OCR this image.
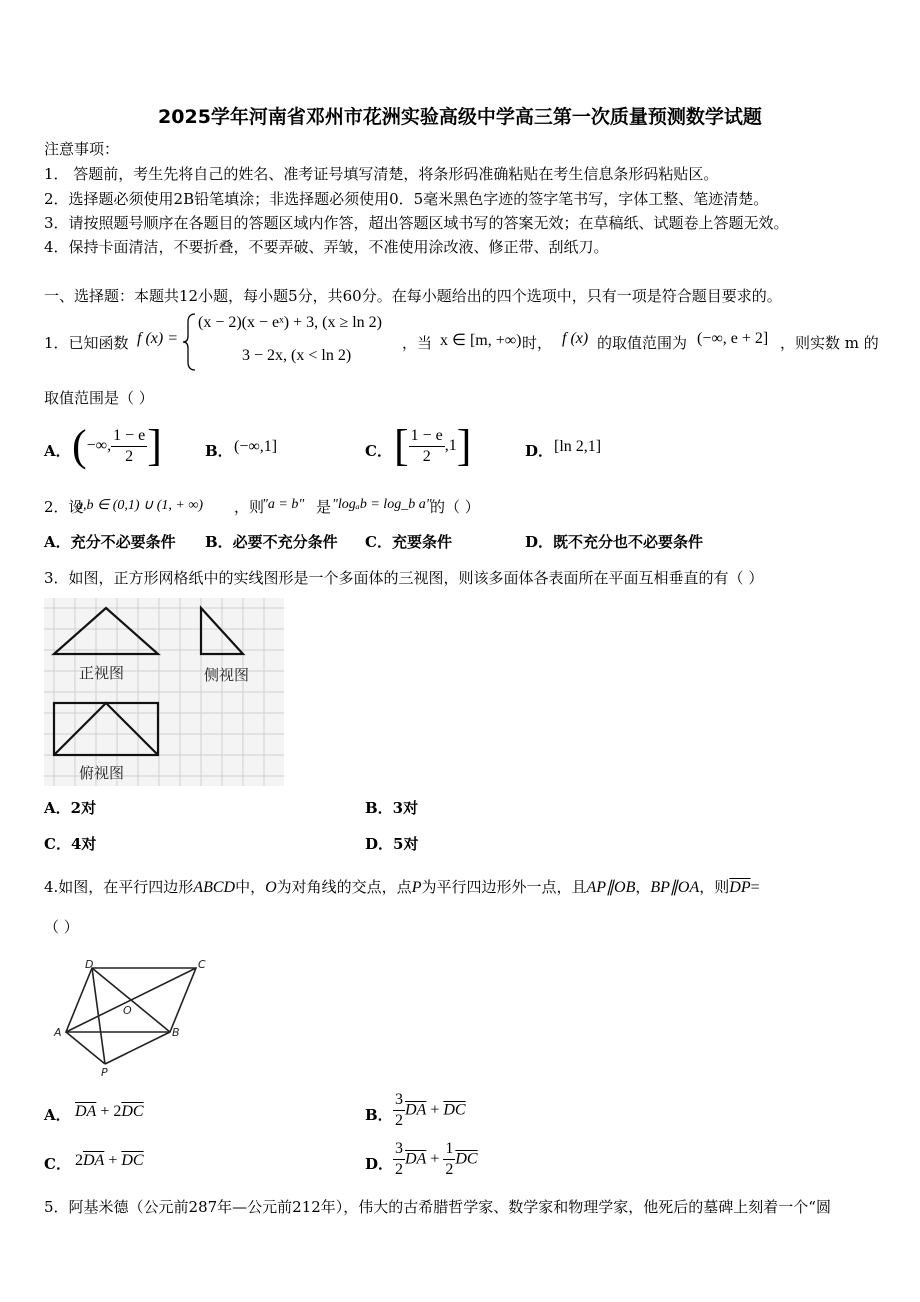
2025学年河南省邓州市花洲实验高级中学高三第一次质量预测数学试题
注意事项：
1． 答题前，考生先将自己的姓名、准考证号填写清楚，将条形码准确粘贴在考生信息条形码粘贴区。
2．选择题必须使用2B铅笔填涂；非选择题必须使用0．5毫米黑色字迹的签字笔书写，字体工整、笔迹清楚。
3．请按照题号顺序在各题目的答题区域内作答，超出答题区域书写的答案无效；在草稿纸、试题卷上答题无效。
4．保持卡面清洁，不要折叠，不要弄破、弄皱，不准使用涂改液、修正带、刮纸刀。
一、选择题：本题共12小题，每小题5分，共60分。在每小题给出的四个选项中，只有一项是符合题目要求的。
1．已知函数 f (x) =
(x − 2)(x − eˣ) + 3, (x ≥ ln 2)
3 − 2x, (x < ln 2)
，当 x ∈ [m, +∞) 时， f (x) 的取值范围为 (−∞, e + 2] ，则实数 m 的
取值范围是（ ）
A． (−∞, $\frac{1 - e}{2}$ ]	B． (−∞,1]	C． [ $\frac{1 - e}{2} ,1$]	D． [ln 2,1]
2．设
a,b ∈ (0,1) ∪ (1, + ∞) ，则
"a = b" 是 "logₐb = log_b a"
的（ ）
A．充分不必要条件 B．必要不充分条件 C．充要条件	D．既不充分也不必要条件
3．如图，正方形网格纸中的实线图形是一个多面体的三视图，则该多面体各表面所在平面互相垂直的有（ ）
正视图	侧视图
俯视图
A．2对	B．3对
C．4对	D．5对
4.如图，在平行四边形ABCD中，O为对角线的交点，点P为平行四边形外一点，且AP∥OB，BP∥OA，则$\overline{DP}=$
（ ）
D	C
O
A	B
P
A． $\overline{DA} + 2\overline{DC}$	B． $\frac{3}{2} \overline{DA} + \overline{DC}$
C． $2\overline{DA} + \overline{DC}$	D． $\frac{3}{2} \overline{DA} + \frac{1}{2} \overline{DC}$
5．阿基米德（公元前287年—公元前212年），伟大的古希腊哲学家、数学家和物理学家，他死后的墓碑上刻着一个“圆
